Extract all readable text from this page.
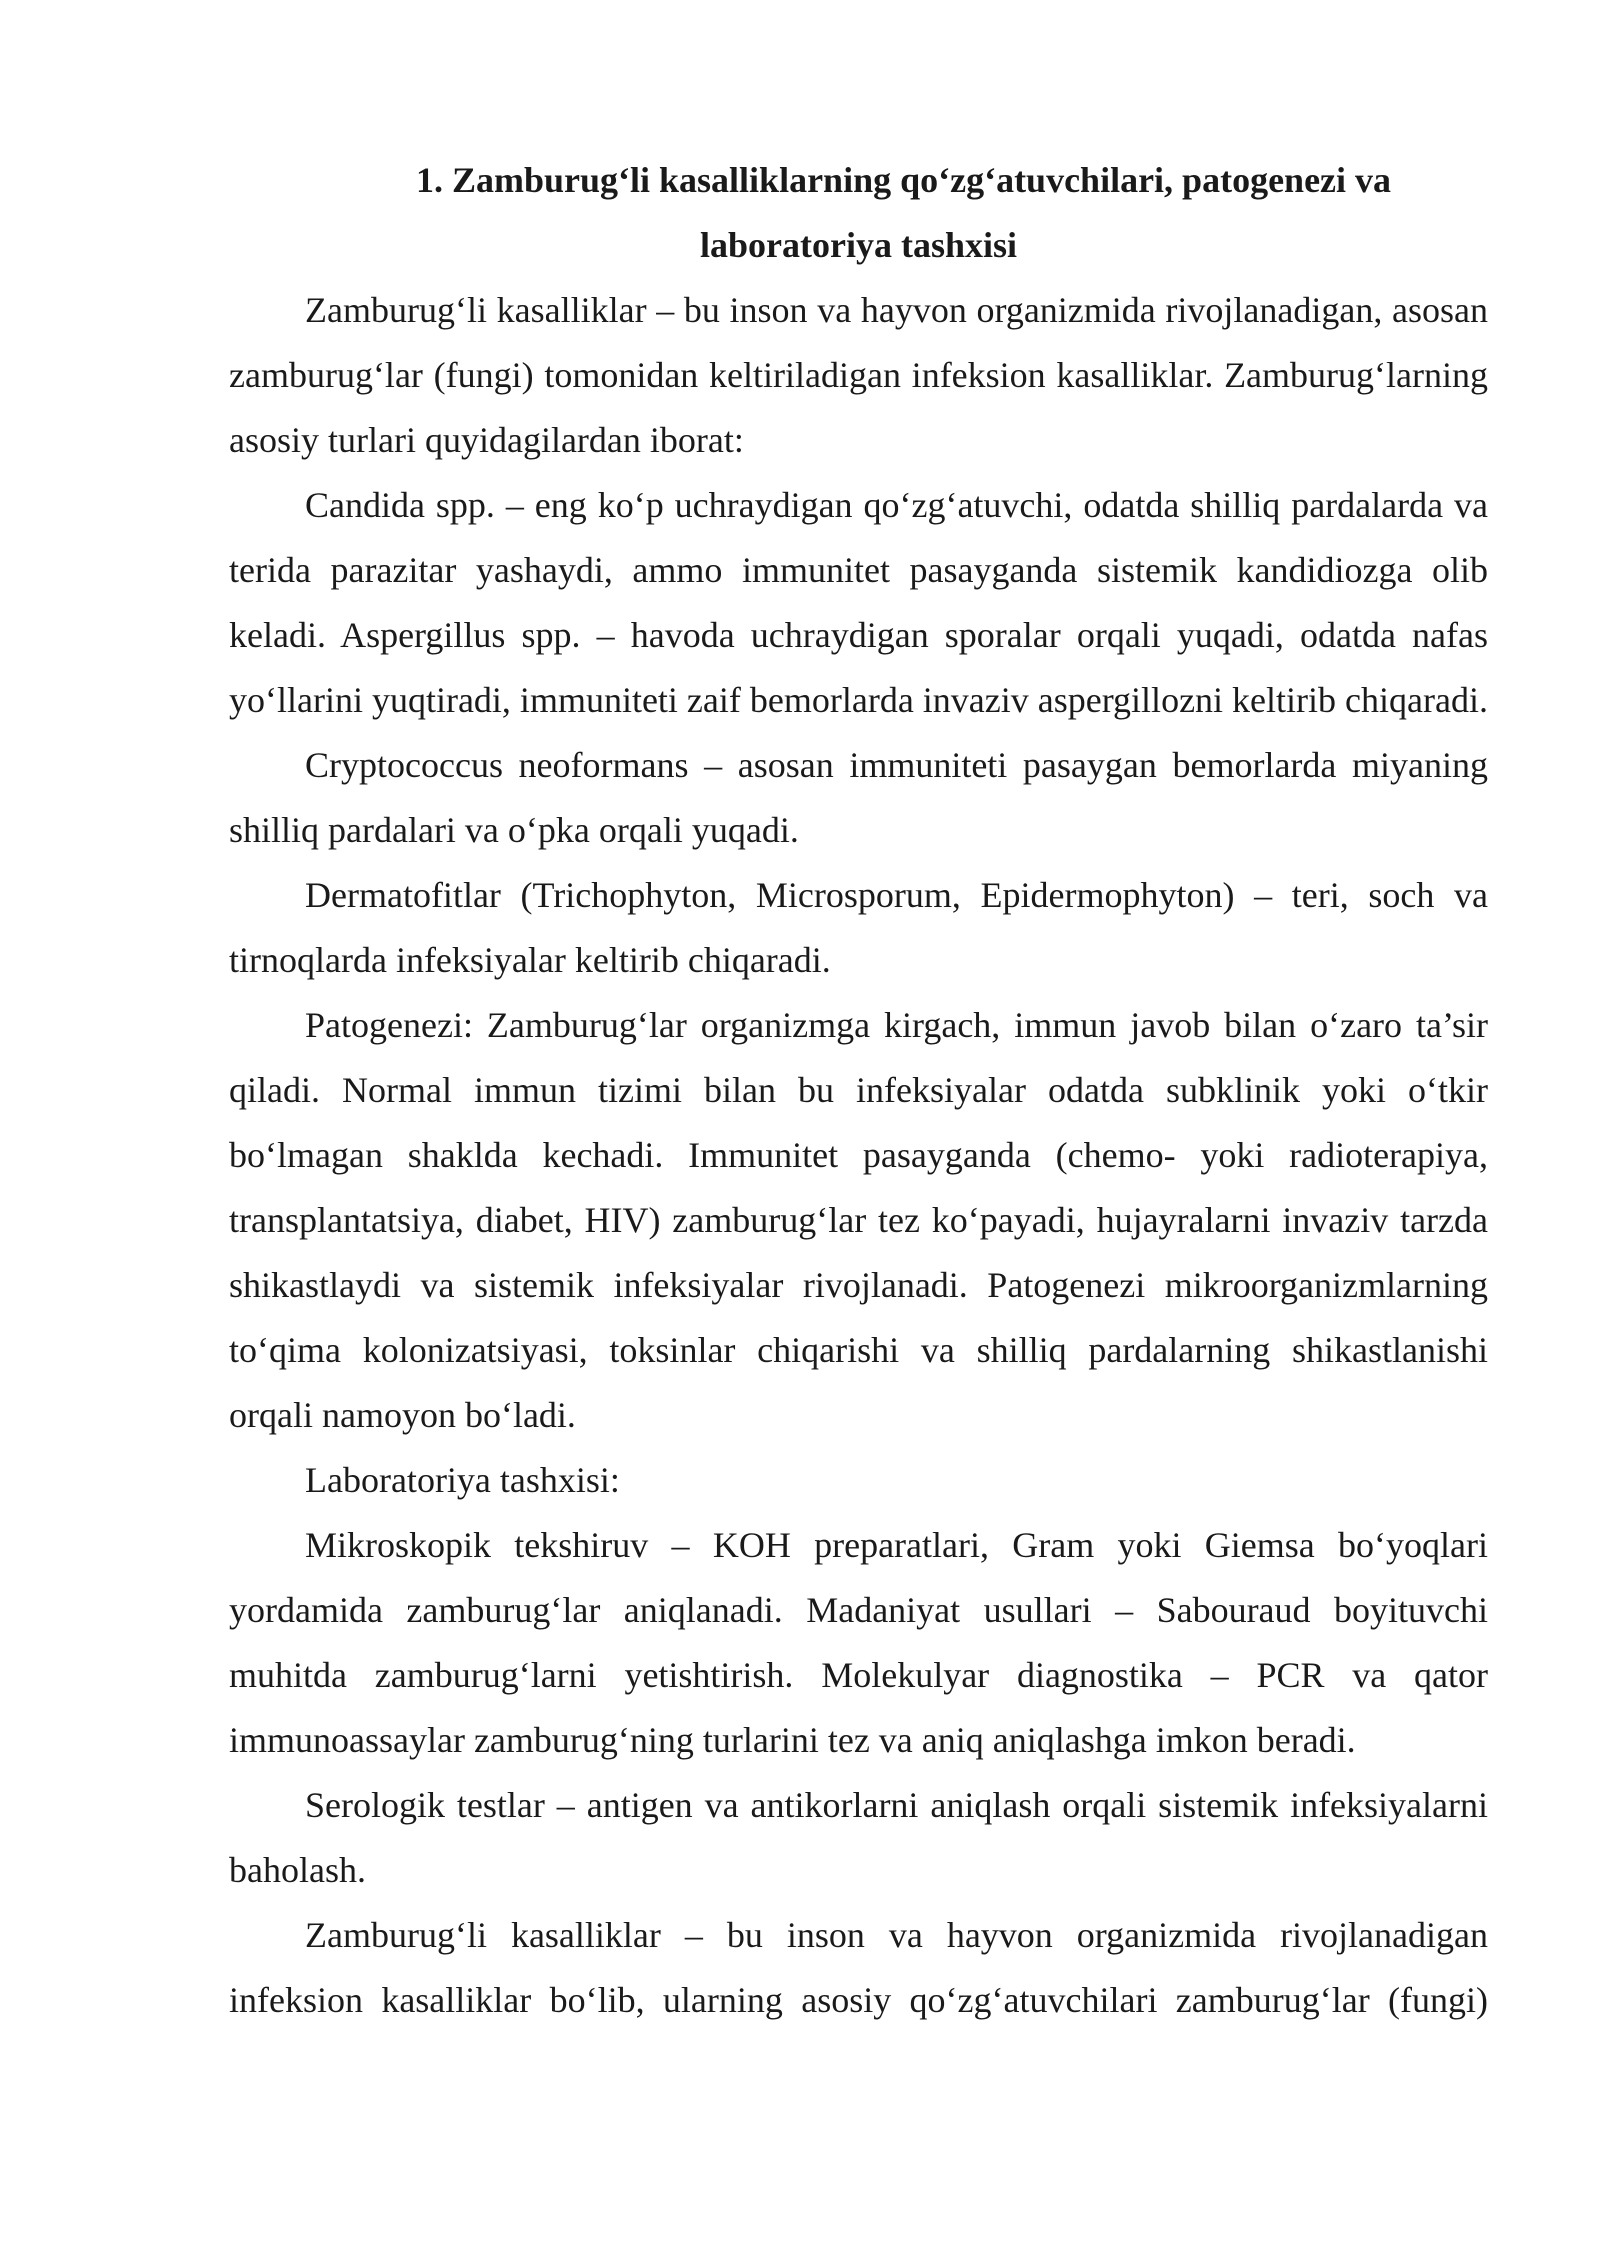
1. Zamburug‘li kasalliklarning qo‘zg‘atuvchilari, patogenezi va
laboratoriya tashxisi

Zamburug‘li kasalliklar – bu inson va hayvon organizmida rivojlanadigan, asosan zamburug‘lar (fungi) tomonidan keltiriladigan infeksion kasalliklar. Zamburug‘larning asosiy turlari quyidagilardan iborat:

Candida spp. – eng ko‘p uchraydigan qo‘zg‘atuvchi, odatda shilliq pardalarda va terida parazitar yashaydi, ammo immunitet pasayganda sistemik kandidiozga olib keladi. Aspergillus spp. – havoda uchraydigan sporalar orqali yuqadi, odatda nafas yo‘llarini yuqtiradi, immuniteti zaif bemorlarda invaziv aspergillozni keltirib chiqaradi.

Cryptococcus neoformans – asosan immuniteti pasaygan bemorlarda miyaning shilliq pardalari va o‘pka orqali yuqadi.

Dermatofitlar (Trichophyton, Microsporum, Epidermophyton) – teri, soch va tirnoqlarda infeksiyalar keltirib chiqaradi.

Patogenezi: Zamburug‘lar organizmga kirgach, immun javob bilan o‘zaro ta’sir qiladi. Normal immun tizimi bilan bu infeksiyalar odatda subklinik yoki o‘tkir bo‘lmagan shaklda kechadi. Immunitet pasayganda (chemo- yoki radioterapiya, transplantatsiya, diabet, HIV) zamburug‘lar tez ko‘payadi, hujayralarni invaziv tarzda shikastlaydi va sistemik infeksiyalar rivojlanadi. Patogenezi mikroorganizmlarning to‘qima kolonizatsiyasi, toksinlar chiqarishi va shilliq pardalarning shikastlanishi orqali namoyon bo‘ladi.

Laboratoriya tashxisi:

Mikroskopik tekshiruv – KOH preparatlari, Gram yoki Giemsa bo‘yoqlari yordamida zamburug‘lar aniqlanadi. Madaniyat usullari – Sabouraud boyituvchi muhitda zamburug‘larni yetishtirish. Molekulyar diagnostika – PCR va qator immunoassaylar zamburug‘ning turlarini tez va aniq aniqlashga imkon beradi.

Serologik testlar – antigen va antikorlarni aniqlash orqali sistemik infeksiyalarni baholash.

Zamburug‘li kasalliklar – bu inson va hayvon organizmida rivojlanadigan infeksion kasalliklar bo‘lib, ularning asosiy qo‘zg‘atuvchilari zamburug‘lar (fungi)
